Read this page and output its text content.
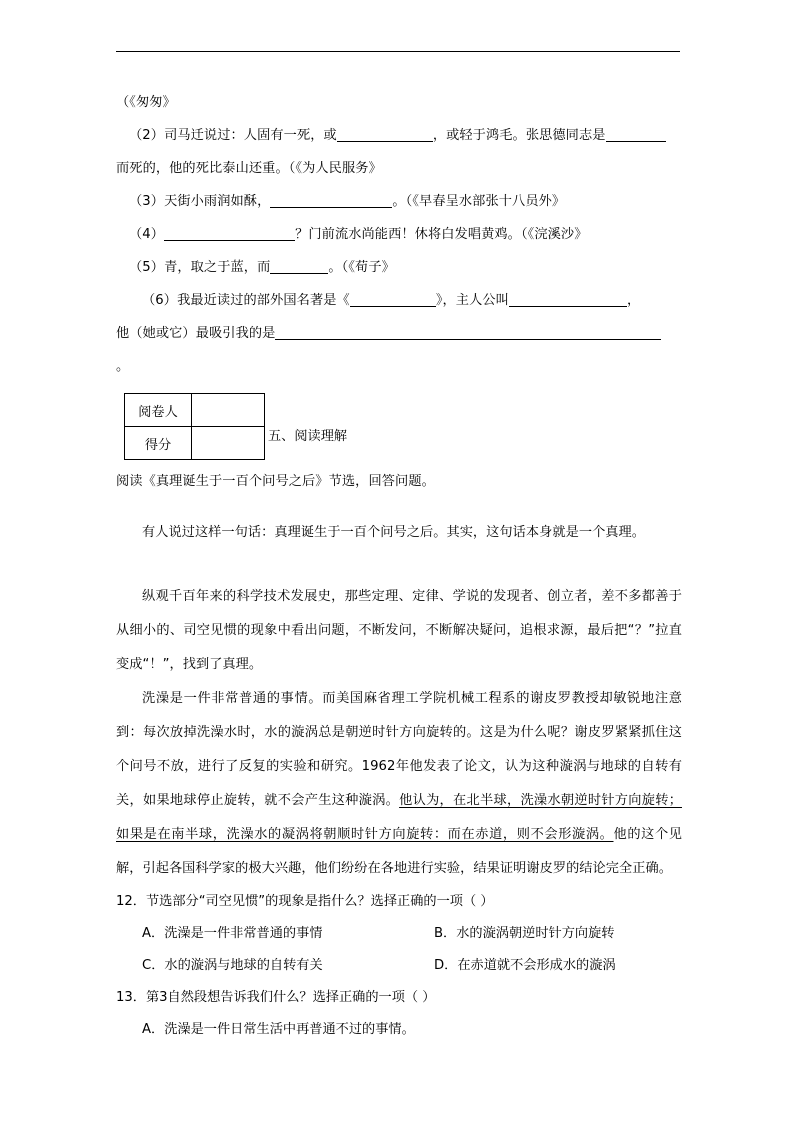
（《匆匆》
（2）司马迁说过：人固有一死，或	，或轻于鸿毛。张思德同志是
而死的，他的死比泰山还重。（《为人民服务》
（3）天街小雨润如酥，	。（《早春呈水部张十八员外》
（4）	？门前流水尚能西！休将白发唱黄鸡。（《浣溪沙》
（5）青，取之于蓝，而	。（《荀子》
（6）我最近读过的部外国名著是《	》，主人公叫	，
他（她或它）最吸引我的是
。
阅卷人	
得分	
五、阅读理解
阅读《真理诞生于一百个问号之后》节选，回答问题。
有人说过这样一句话：真理诞生于一百个问号之后。其实，这句话本身就是一个真理。
纵观千百年来的科学技术发展史，那些定理、定律、学说的发现者、创立者，差不多都善于从细小的、司空见惯的现象中看出问题，不断发问，不断解决疑问，追根求源，最后把“？”拉直变成“！”，找到了真理。
洗澡是一件非常普通的事情。而美国麻省理工学院机械工程系的谢皮罗教授却敏锐地注意到：每次放掉洗澡水时，水的漩涡总是朝逆时针方向旋转的。这是为什么呢？谢皮罗紧紧抓住这个问号不放，进行了反复的实验和研究。1962年他发表了论文，认为这种漩涡与地球的自转有关，如果地球停止旋转，就不会产生这种漩涡。他认为，在北半球，洗澡水朝逆时针方向旋转；如果是在南半球，洗澡水的凝涡将朝顺时针方向旋转：而在赤道，则不会形漩涡。他的这个见解，引起各国科学家的极大兴趣，他们纷纷在各地进行实验，结果证明谢皮罗的结论完全正确。
12．节选部分“司空见惯”的现象是指什么？选择正确的一项（ ）
A．洗澡是一件非常普通的事情	B．水的漩涡朝逆时针方向旋转
C．水的漩涡与地球的自转有关	D．在赤道就不会形成水的漩涡
13．第3自然段想告诉我们什么？选择正确的一项（ ）
A．洗澡是一件日常生活中再普通不过的事情。
